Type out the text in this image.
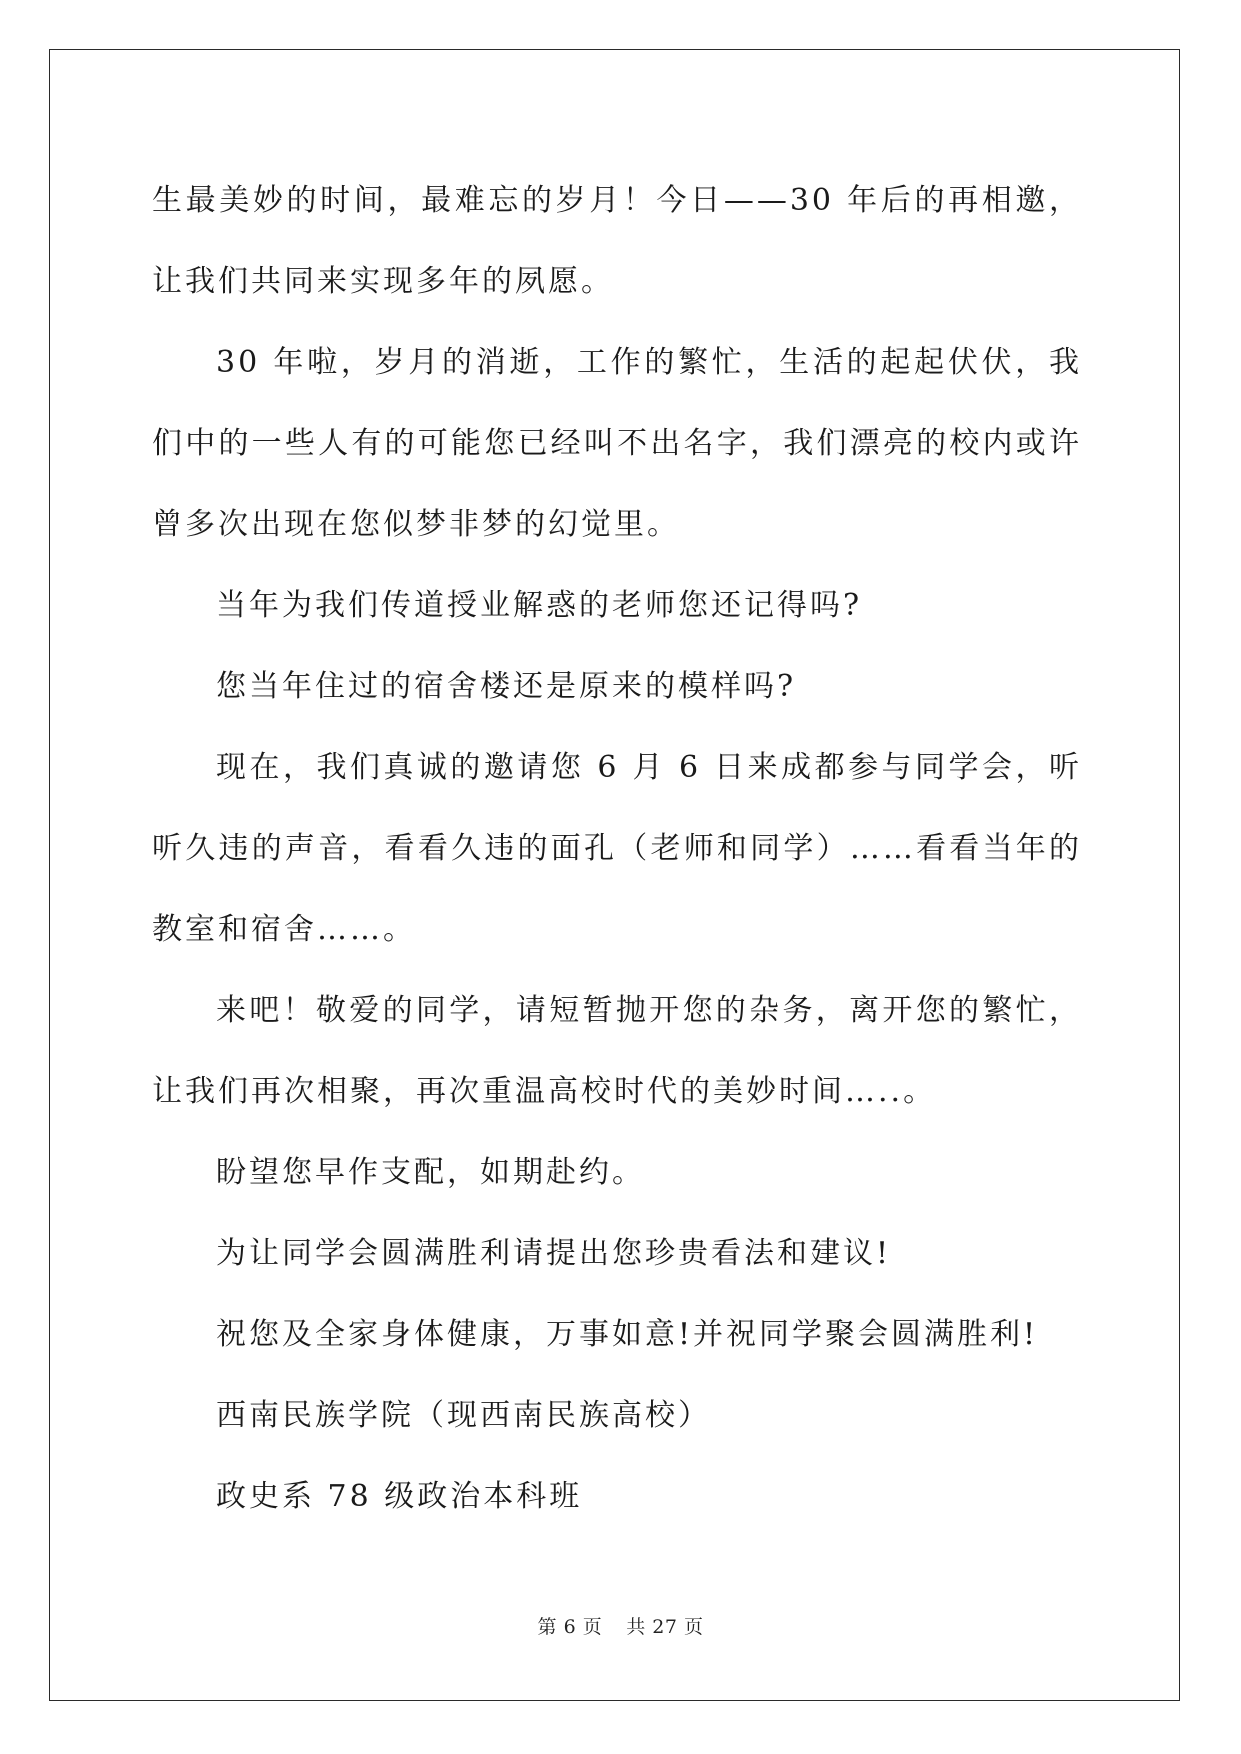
生最美妙的时间，最难忘的岁月！今日——30 年后的再相邀，让我们共同来实现多年的夙愿。

30 年啦，岁月的消逝，工作的繁忙，生活的起起伏伏，我们中的一些人有的可能您已经叫不出名字，我们漂亮的校内或许曾多次出现在您似梦非梦的幻觉里。

当年为我们传道授业解惑的老师您还记得吗?

您当年住过的宿舍楼还是原来的模样吗?

现在，我们真诚的邀请您 6 月 6 日来成都参与同学会，听听久违的声音，看看久违的面孔（老师和同学）……看看当年的教室和宿舍……。

来吧！敬爱的同学，请短暂抛开您的杂务，离开您的繁忙，让我们再次相聚，再次重温高校时代的美妙时间…..。

盼望您早作支配，如期赴约。

为让同学会圆满胜利请提出您珍贵看法和建议!

祝您及全家身体健康，万事如意!并祝同学聚会圆满胜利!

西南民族学院（现西南民族高校）

政史系 78 级政治本科班

第 6 页 共 27 页
